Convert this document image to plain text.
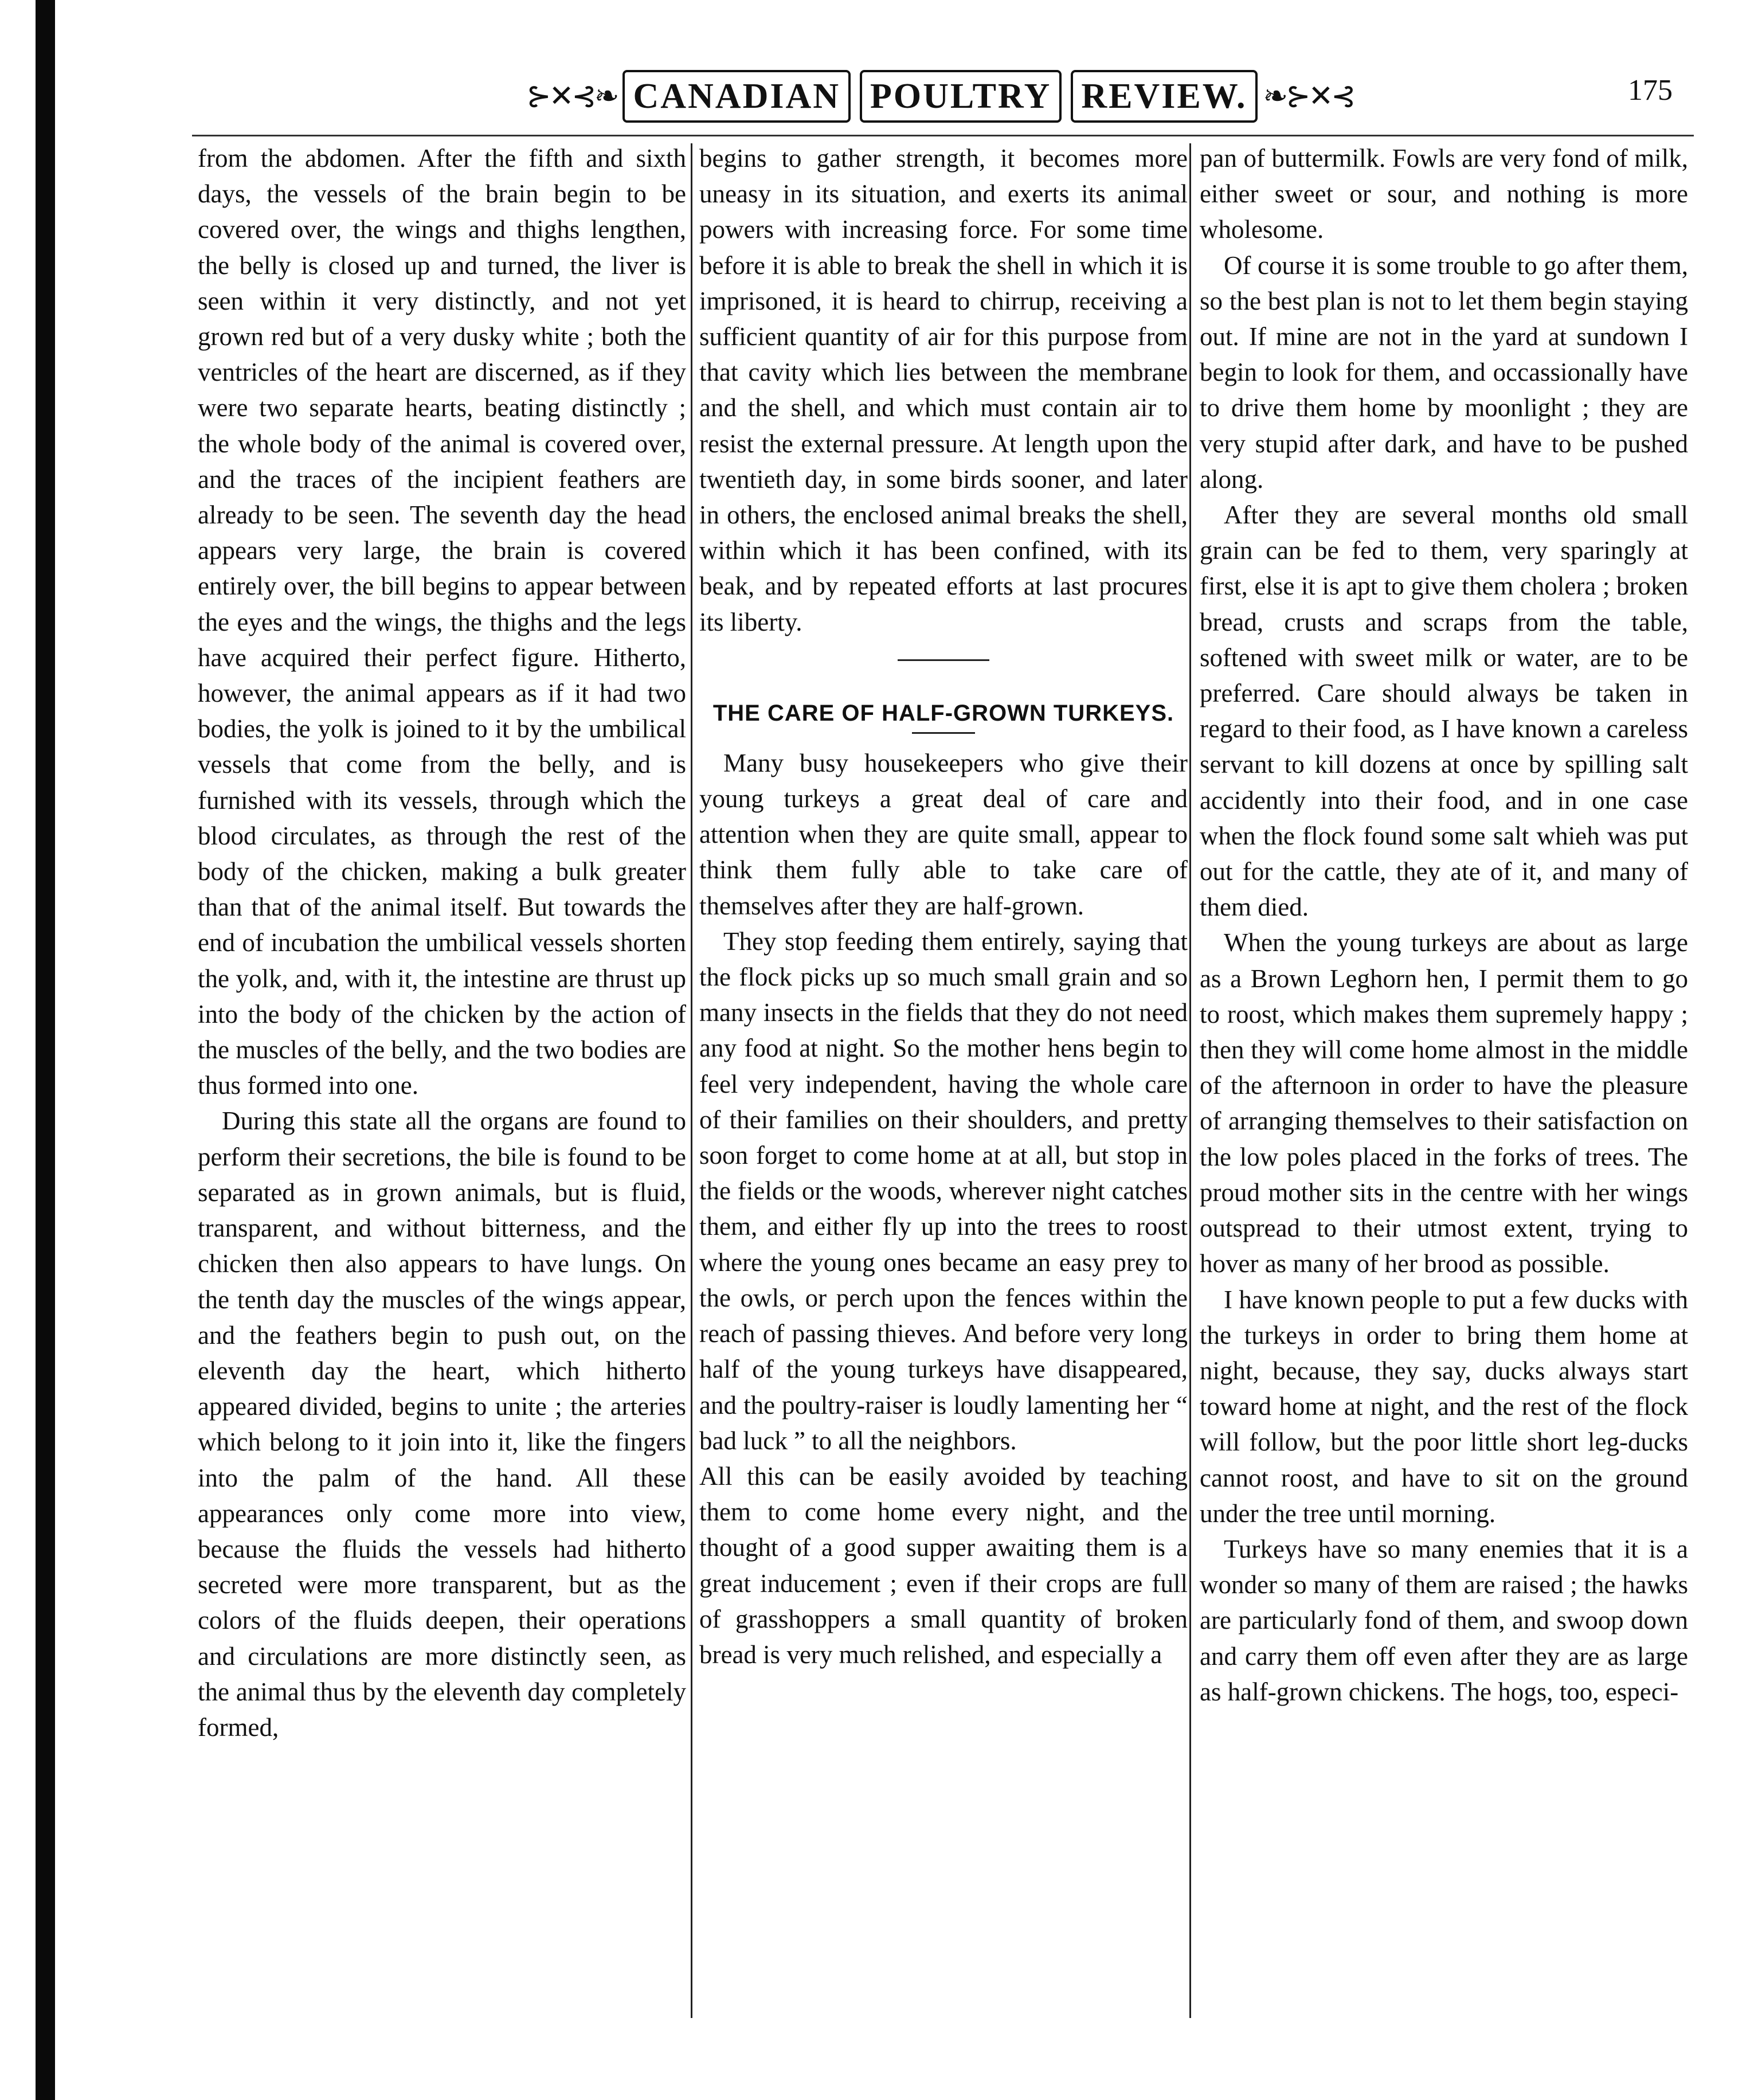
⊱✕⊰❧ CANADIAN POULTRY REVIEW. ❧⊱✕⊰	175

from the abdomen. After the fifth and sixth days, the vessels of the brain begin to be covered over, the wings and thighs lengthen, the belly is closed up and turned, the liver is seen within it very distinctly, and not yet grown red but of a very dusky white ; both the ventricles of the heart are discerned, as if they were two separate hearts, beating distinctly ; the whole body of the animal is covered over, and the traces of the incipient feathers are already to be seen. The seventh day the head appears very large, the brain is covered entirely over, the bill begins to appear between the eyes and the wings, the thighs and the legs have acquired their perfect figure. Hitherto, however, the animal appears as if it had two bodies, the yolk is joined to it by the umbilical vessels that come from the belly, and is furnished with its vessels, through which the blood circulates, as through the rest of the body of the chicken, making a bulk greater than that of the animal itself. But towards the end of incubation the umbilical vessels shorten the yolk, and, with it, the intestine are thrust up into the body of the chicken by the action of the muscles of the belly, and the two bodies are thus formed into one.

During this state all the organs are found to perform their secretions, the bile is found to be separated as in grown animals, but is fluid, transparent, and without bitterness, and the chicken then also appears to have lungs. On the tenth day the muscles of the wings appear, and the feathers begin to push out, on the eleventh day the heart, which hitherto appeared divided, begins to unite ; the arteries which belong to it join into it, like the fingers into the palm of the hand. All these appearances only come more into view, because the fluids the vessels had hitherto secreted were more transparent, but as the colors of the fluids deepen, their operations and circulations are more distinctly seen, as the animal thus by the eleventh day completely formed,

begins to gather strength, it becomes more uneasy in its situation, and exerts its animal powers with increasing force. For some time before it is able to break the shell in which it is imprisoned, it is heard to chirrup, receiving a sufficient quantity of air for this purpose from that cavity which lies between the membrane and the shell, and which must contain air to resist the external pressure. At length upon the twentieth day, in some birds sooner, and later in others, the enclosed animal breaks the shell, within which it has been confined, with its beak, and by repeated efforts at last procures its liberty.

THE CARE OF HALF-GROWN TURKEYS.

Many busy housekeepers who give their young turkeys a great deal of care and attention when they are quite small, appear to think them fully able to take care of themselves after they are half-grown.

They stop feeding them entirely, saying that the flock picks up so much small grain and so many insects in the fields that they do not need any food at night. So the mother hens begin to feel very independent, having the whole care of their families on their shoulders, and pretty soon forget to come home at at all, but stop in the fields or the woods, wherever night catches them, and either fly up into the trees to roost where the young ones became an easy prey to the owls, or perch upon the fences within the reach of passing thieves. And before very long half of the young turkeys have disappeared, and the poultry-raiser is loudly lamenting her “ bad luck ” to all the neighbors.

All this can be easily avoided by teaching them to come home every night, and the thought of a good supper awaiting them is a great inducement ; even if their crops are full of grasshoppers a small quantity of broken bread is very much relished, and especially a

pan of buttermilk. Fowls are very fond of milk, either sweet or sour, and nothing is more wholesome.

Of course it is some trouble to go after them, so the best plan is not to let them begin staying out. If mine are not in the yard at sundown I begin to look for them, and occassionally have to drive them home by moonlight ; they are very stupid after dark, and have to be pushed along.

After they are several months old small grain can be fed to them, very sparingly at first, else it is apt to give them cholera ; broken bread, crusts and scraps from the table, softened with sweet milk or water, are to be preferred. Care should always be taken in regard to their food, as I have known a careless servant to kill dozens at once by spilling salt accidently into their food, and in one case when the flock found some salt whieh was put out for the cattle, they ate of it, and many of them died.

When the young turkeys are about as large as a Brown Leghorn hen, I permit them to go to roost, which makes them supremely happy ; then they will come home almost in the middle of the afternoon in order to have the pleasure of arranging themselves to their satisfaction on the low poles placed in the forks of trees. The proud mother sits in the centre with her wings outspread to their utmost extent, trying to hover as many of her brood as possible.

I have known people to put a few ducks with the turkeys in order to bring them home at night, because, they say, ducks always start toward home at night, and the rest of the flock will follow, but the poor little short leg-ducks cannot roost, and have to sit on the ground under the tree until morning.

Turkeys have so many enemies that it is a wonder so many of them are raised ; the hawks are particularly fond of them, and swoop down and carry them off even after they are as large as half-grown chickens. The hogs, too, especi-
